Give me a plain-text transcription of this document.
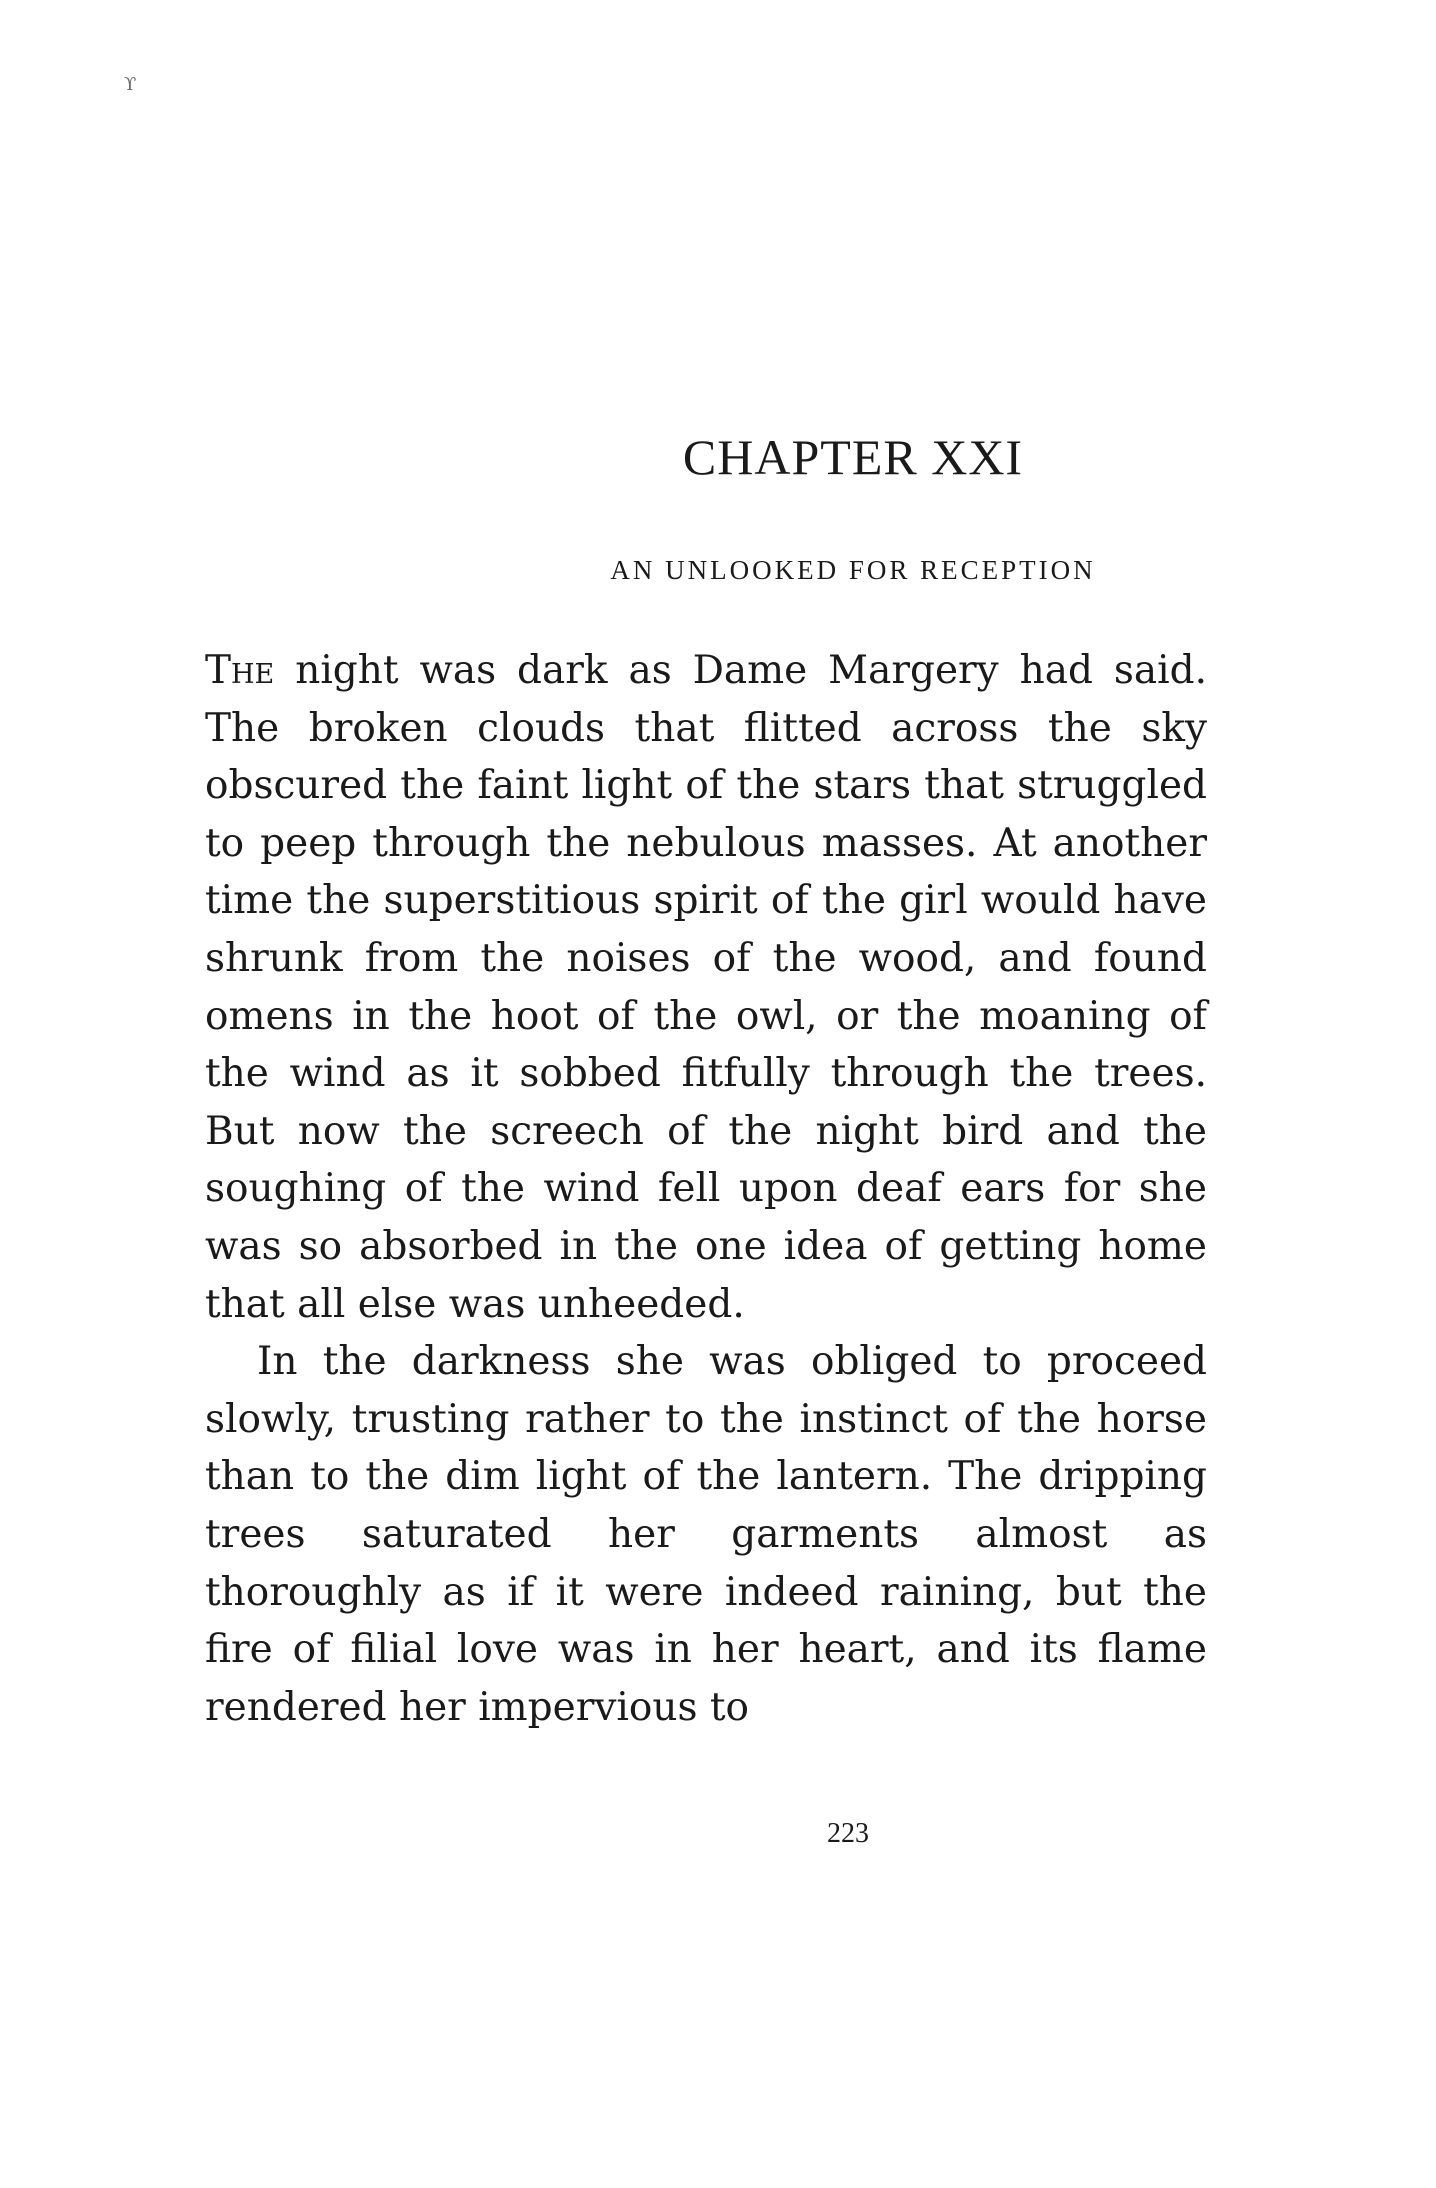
ϒ
CHAPTER XXI
AN UNLOOKED FOR RECEPTION

The night was dark as Dame Margery had said. The broken clouds that flitted across the sky obscured the faint light of the stars that struggled to peep through the nebulous masses. At another time the superstitious spirit of the girl would have shrunk from the noises of the wood, and found omens in the hoot of the owl, or the moaning of the wind as it sobbed fitfully through the trees. But now the screech of the night bird and the soughing of the wind fell upon deaf ears for she was so absorbed in the one idea of getting home that all else was unheeded.

In the darkness she was obliged to proceed slowly, trusting rather to the instinct of the horse than to the dim light of the lantern. The dripping trees saturated her garments almost as thoroughly as if it were indeed raining, but the fire of filial love was in her heart, and its flame rendered her impervious to

223
